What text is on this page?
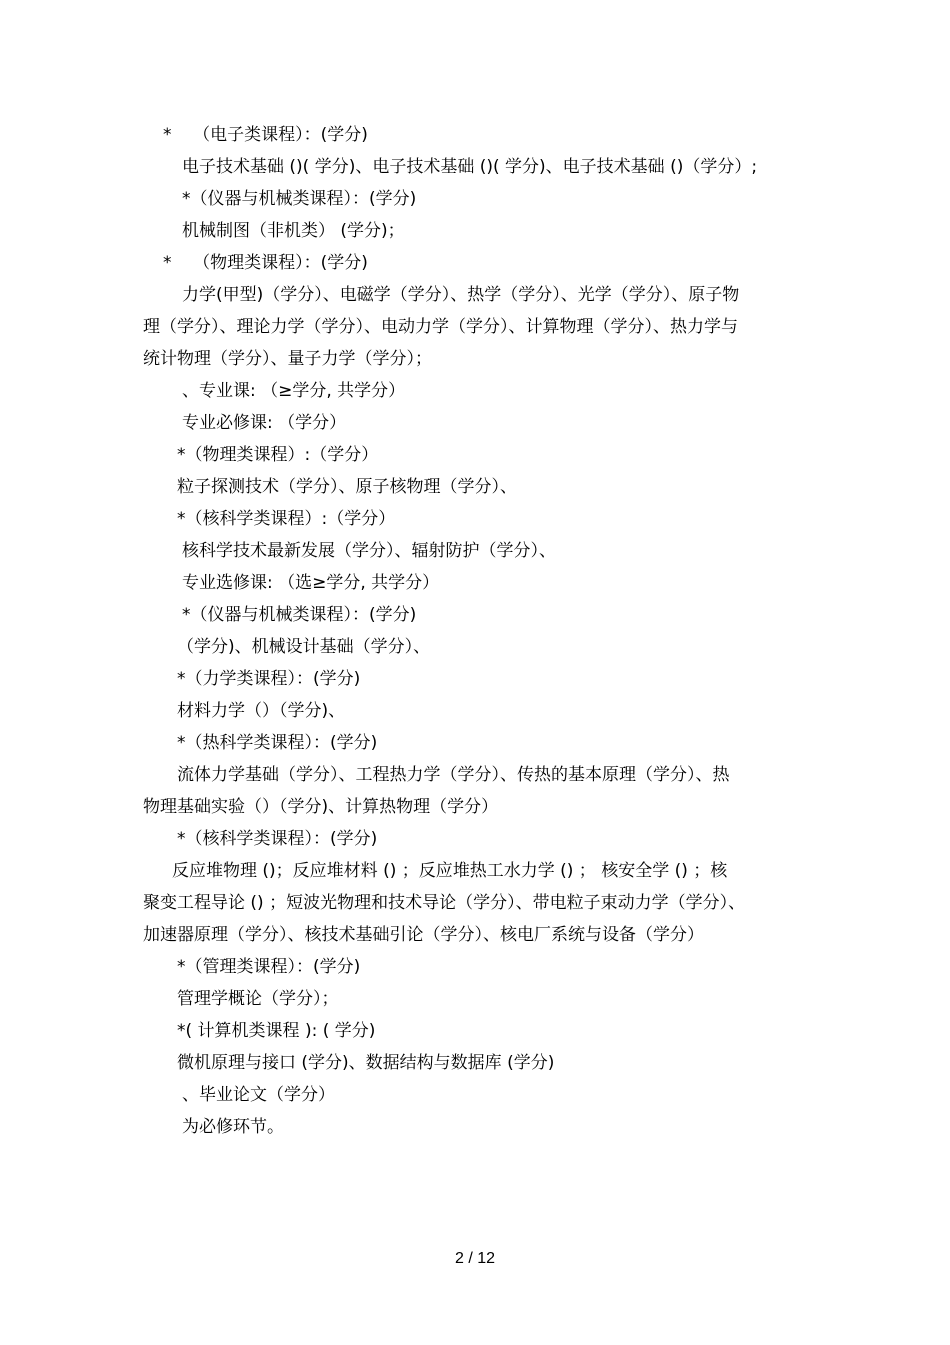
*    （电子类课程）：(学分)
电子技术基础 ()( 学分)、电子技术基础 ()( 学分)、电子技术基础 ()（学分）;
*（仪器与机械类课程）：(学分)
机械制图（非机类） (学分)；
*    （物理类课程）：(学分)
力学(甲型)（学分）、电磁学（学分）、热学（学分）、光学（学分）、原子物
理（学分）、理论力学（学分）、电动力学（学分）、计算物理（学分）、热力学与
统计物理（学分）、量子力学（学分）；
、专业课: （≥学分, 共学分）
专业必修课: （学分）
*（物理类课程）:（学分）
粒子探测技术（学分）、原子核物理（学分）、
*（核科学类课程）:（学分）
核科学技术最新发展（学分）、辐射防护（学分）、
专业选修课: （选≥学分, 共学分）
*（仪器与机械类课程）：(学分)
（学分)、机械设计基础（学分）、
*（力学类课程）：(学分)
材料力学（）（学分)、
*（热科学类课程）：(学分)
流体力学基础（学分）、工程热力学（学分）、传热的基本原理（学分）、热
物理基础实验（）（学分)、计算热物理（学分）
*（核科学类课程）：(学分)
反应堆物理 ()；反应堆材料 () ；反应堆热工水力学 () ； 核安全学 () ；核
聚变工程导论 () ；短波光物理和技术导论（学分）、带电粒子束动力学（学分）、
加速器原理（学分）、核技术基础引论（学分）、核电厂系统与设备（学分）
*（管理类课程）：(学分)
管理学概论（学分）；
*( 计算机类课程 ): ( 学分)
微机原理与接口 (学分)、数据结构与数据库 (学分)
、毕业论文（学分）
为必修环节。
2 / 12
